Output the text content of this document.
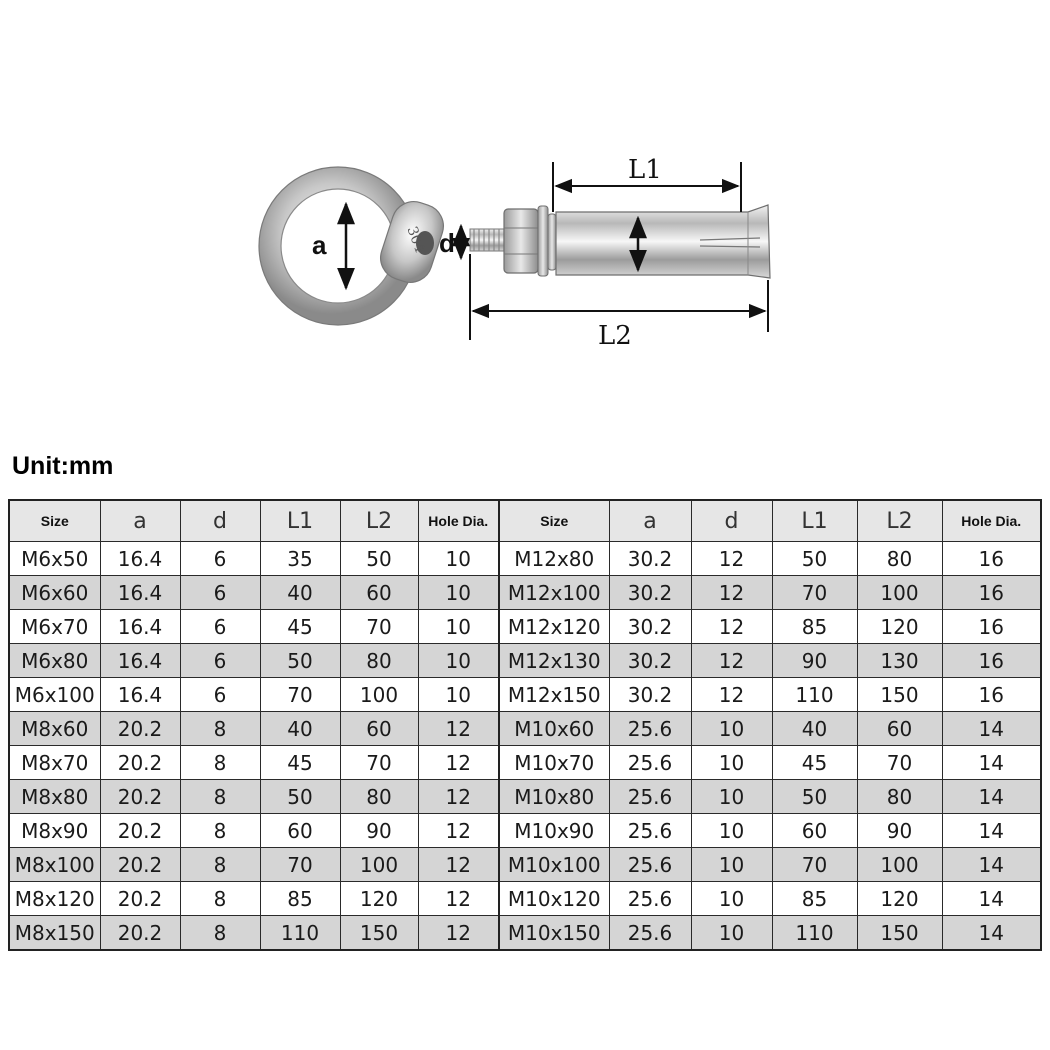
304
a	d
L1
L2
Unit:mm
Size	a	d	L1	L2	Hole Dia.	Size	a	d	L1	L2	Hole Dia.
M6x50	16.4	6	35	50	10	M12x80	30.2	12	50	80	16
M6x60	16.4	6	40	60	10	M12x100	30.2	12	70	100	16
M6x70	16.4	6	45	70	10	M12x120	30.2	12	85	120	16
M6x80	16.4	6	50	80	10	M12x130	30.2	12	90	130	16
M6x100	16.4	6	70	100	10	M12x150	30.2	12	110	150	16
M8x60	20.2	8	40	60	12	M10x60	25.6	10	40	60	14
M8x70	20.2	8	45	70	12	M10x70	25.6	10	45	70	14
M8x80	20.2	8	50	80	12	M10x80	25.6	10	50	80	14
M8x90	20.2	8	60	90	12	M10x90	25.6	10	60	90	14
M8x100	20.2	8	70	100	12	M10x100	25.6	10	70	100	14
M8x120	20.2	8	85	120	12	M10x120	25.6	10	85	120	14
M8x150	20.2	8	110	150	12	M10x150	25.6	10	110	150	14
